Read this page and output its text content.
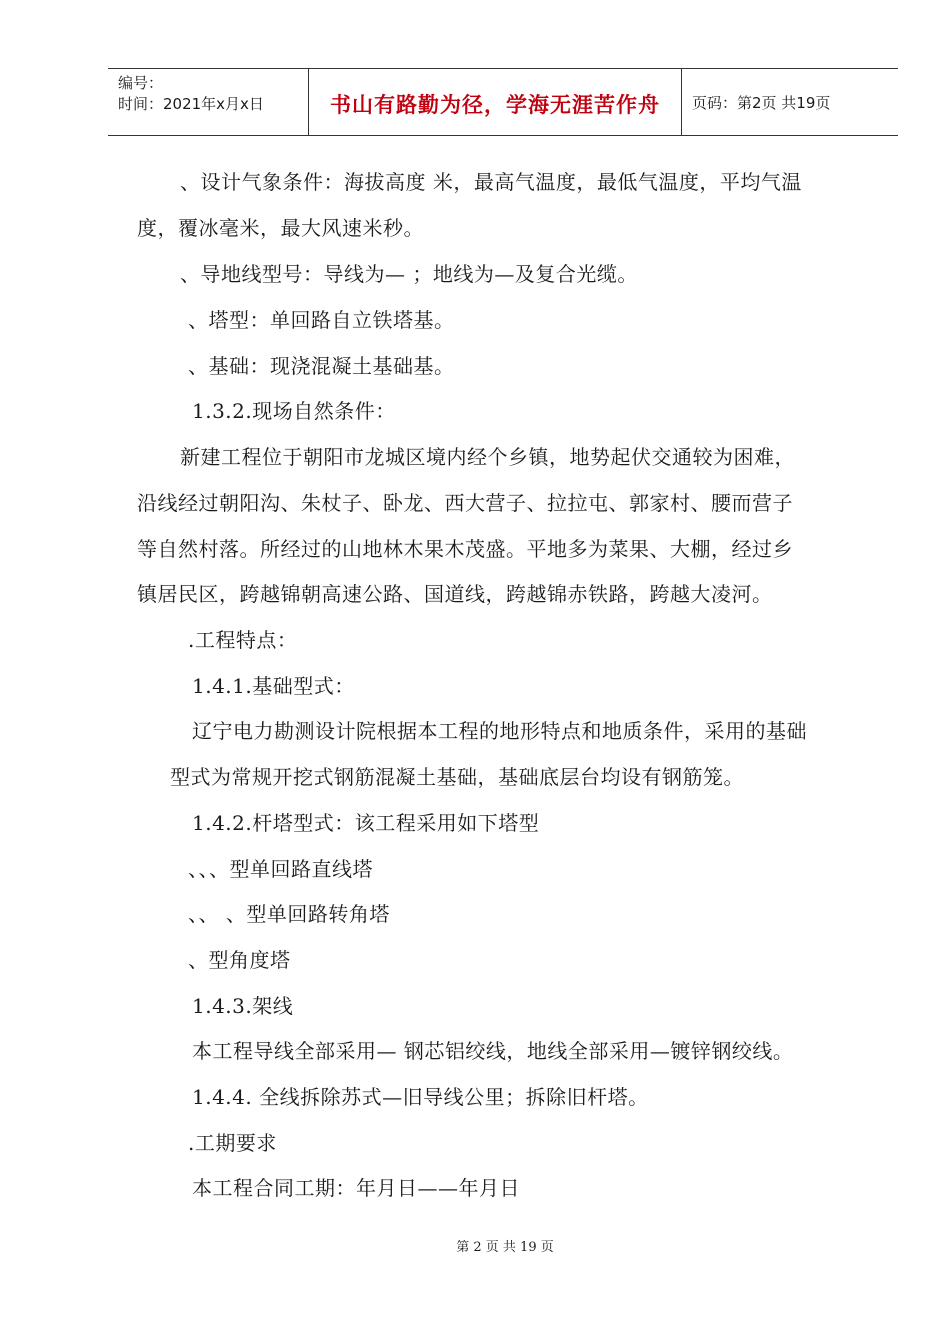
编号：
时间：2021年x月x日	书山有路勤为径，学海无涯苦作舟 页码：第2页 共19页
、设计气象条件：海拔高度 米，最高气温度，最低气温度，平均气温
度，覆冰毫米，最大风速米秒。
、导地线型号：导线为— ；地线为—及复合光缆。
、塔型：单回路自立铁塔基。
、基础：现浇混凝土基础基。
1.3.2.现场自然条件：
新建工程位于朝阳市龙城区境内经个乡镇，地势起伏交通较为困难，
沿线经过朝阳沟、朱杖子、卧龙、西大营子、拉拉屯、郭家村、腰而营子
等自然村落。所经过的山地林木果木茂盛。平地多为菜果、大棚，经过乡
镇居民区，跨越锦朝高速公路、国道线，跨越锦赤铁路，跨越大凌河。
.工程特点：
1.4.1.基础型式：
辽宁电力勘测设计院根据本工程的地形特点和地质条件，采用的基础
型式为常规开挖式钢筋混凝土基础，基础底层台均设有钢筋笼。
1.4.2.杆塔型式：该工程采用如下塔型
、、、型单回路直线塔
、、 、型单回路转角塔
、型角度塔
1.4.3.架线
本工程导线全部采用— 钢芯铝绞线，地线全部采用—镀锌钢绞线。
1.4.4. 全线拆除苏式—旧导线公里；拆除旧杆塔。
.工期要求
本工程合同工期：年月日——年月日
第 2 页 共 19 页
